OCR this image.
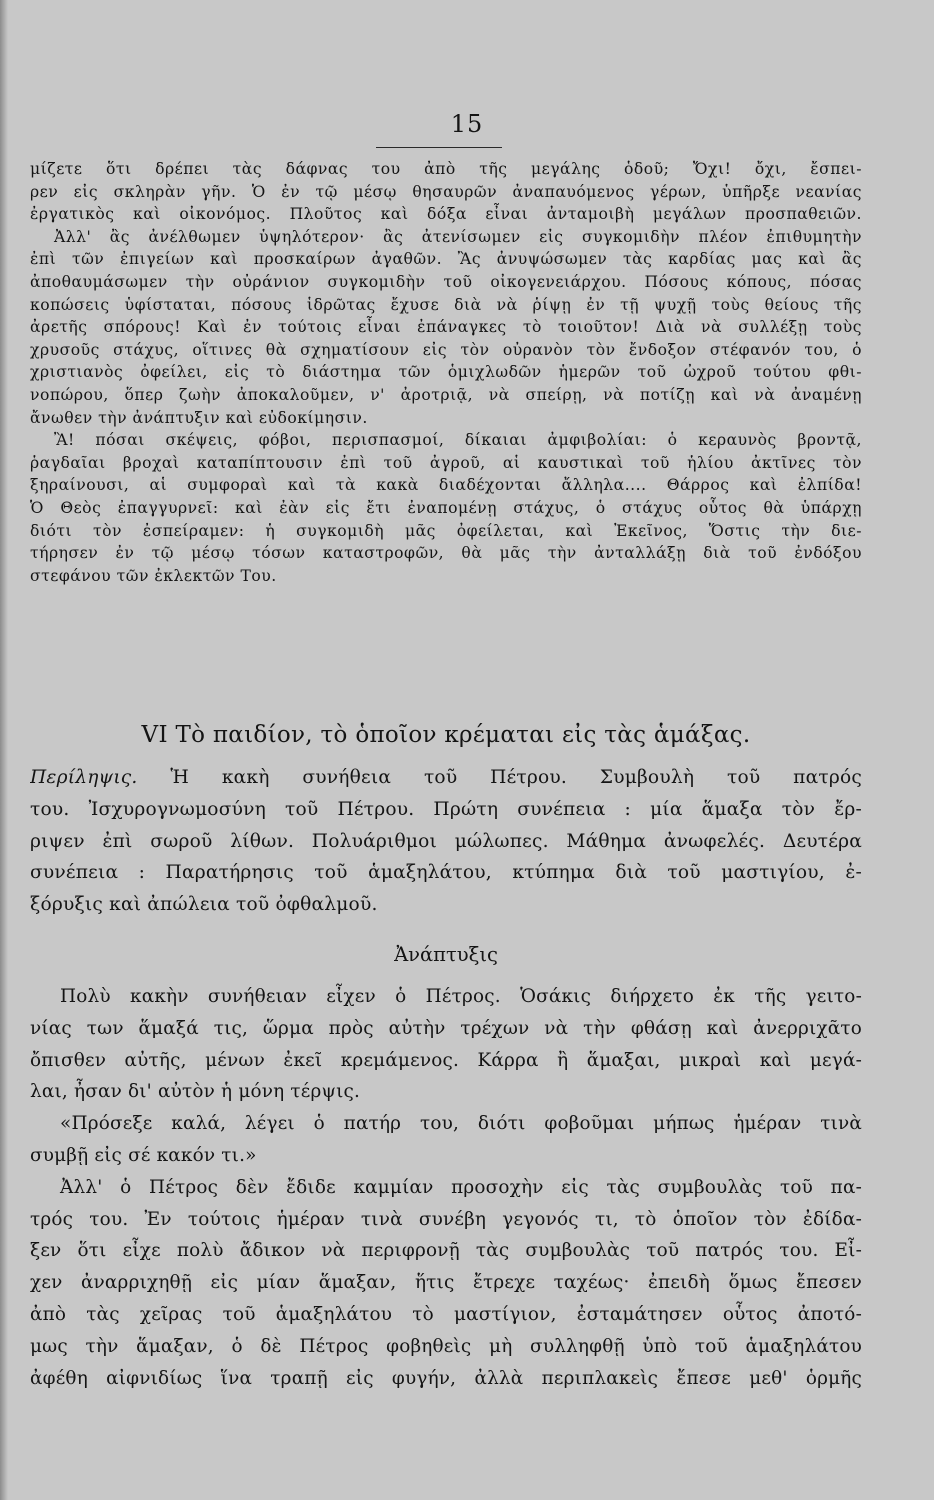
15
μίζετε ὅτι δρέπει τὰς δάφνας του ἀπὸ τῆς μεγάλης ὁδοῦ; Ὄχι! ὄχι, ἔσπει-
ρεν εἰς σκληρὰν γῆν. Ὁ ἐν τῷ μέσῳ θησαυρῶν ἀναπαυόμενος γέρων, ὑπῆρξε νεανίας
ἐργατικὸς καὶ οἰκονόμος. Πλοῦτος καὶ δόξα εἶναι ἀνταμοιβὴ μεγάλων προσπαθειῶν.
Ἀλλ' ἂς ἀνέλθωμεν ὑψηλότερον· ἂς ἀτενίσωμεν εἰς συγκομιδὴν πλέον ἐπιθυμητὴν
ἐπὶ τῶν ἐπιγείων καὶ προσκαίρων ἀγαθῶν. Ἂς ἀνυψώσωμεν τὰς καρδίας μας καὶ ἂς
ἀποθαυμάσωμεν τὴν οὐράνιον συγκομιδὴν τοῦ οἰκογενειάρχου. Πόσους κόπους, πόσας
κοπώσεις ὑφίσταται, πόσους ἱδρῶτας ἔχυσε διὰ νὰ ῥίψῃ ἐν τῇ ψυχῇ τοὺς θείους τῆς
ἀρετῆς σπόρους! Καὶ ἐν τούτοις εἶναι ἐπάναγκες τὸ τοιοῦτον! Διὰ νὰ συλλέξῃ τοὺς
χρυσοῦς στάχυς, οἵτινες θὰ σχηματίσουν εἰς τὸν οὐρανὸν τὸν ἔνδοξον στέφανόν του, ὁ
χριστιανὸς ὀφείλει, εἰς τὸ διάστημα τῶν ὁμιχλωδῶν ἡμερῶν τοῦ ὠχροῦ τούτου φθι-
νοπώρου, ὅπερ ζωὴν ἀποκαλοῦμεν, ν' ἀροτριᾷ, νὰ σπείρῃ, νὰ ποτίζῃ καὶ νὰ ἀναμένῃ
ἄνωθεν τὴν ἀνάπτυξιν καὶ εὐδοκίμησιν.
Ἂ! πόσαι σκέψεις, φόβοι, περισπασμοί, δίκαιαι ἀμφιβολίαι: ὁ κεραυνὸς βροντᾷ,
ῥαγδαῖαι βροχαὶ καταπίπτουσιν ἐπὶ τοῦ ἀγροῦ, αἱ καυστικαὶ τοῦ ἡλίου ἀκτῖνες τὸν
ξηραίνουσι, αἱ συμφοραὶ καὶ τὰ κακὰ διαδέχονται ἄλληλα.... Θάρρος καὶ ἐλπίδα!
Ὁ Θεὸς ἐπαγγυρνεῖ: καὶ ἐὰν εἰς ἔτι ἐναπομένῃ στάχυς, ὁ στάχυς οὗτος θὰ ὑπάρχῃ
διότι τὸν ἐσπείραμεν: ἡ συγκομιδὴ μᾶς ὀφείλεται, καὶ Ἐκεῖνος, Ὅστις τὴν διε-
τήρησεν ἐν τῷ μέσῳ τόσων καταστροφῶν, θὰ μᾶς τὴν ἀνταλλάξῃ διὰ τοῦ ἐνδόξου
στεφάνου τῶν ἐκλεκτῶν Του.
VI Τὸ παιδίον, τὸ ὁποῖον κρέμαται εἰς τὰς ἁμάξας.
Περίληψις. Ἡ κακὴ συνήθεια τοῦ Πέτρου. Συμβουλὴ τοῦ πατρός
του. Ἰσχυρογνωμοσύνη τοῦ Πέτρου. Πρώτη συνέπεια : μία ἅμαξα τὸν ἔρ-
ριψεν ἐπὶ σωροῦ λίθων. Πολυάριθμοι μώλωπες. Μάθημα ἀνωφελές. Δευτέρα
συνέπεια : Παρατήρησις τοῦ ἁμαξηλάτου, κτύπημα διὰ τοῦ μαστιγίου, ἐ-
ξόρυξις καὶ ἀπώλεια τοῦ ὀφθαλμοῦ.
Ἀνάπτυξις
Πολὺ κακὴν συνήθειαν εἶχεν ὁ Πέτρος. Ὁσάκις διήρχετο ἐκ τῆς γειτο-
νίας των ἅμαξά τις, ὥρμα πρὸς αὐτὴν τρέχων νὰ τὴν φθάσῃ καὶ ἀνερριχᾶτο
ὄπισθεν αὐτῆς, μένων ἐκεῖ κρεμάμενος. Κάρρα ἢ ἅμαξαι, μικραὶ καὶ μεγά-
λαι, ἦσαν δι' αὐτὸν ἡ μόνη τέρψις.
«Πρόσεξε καλά, λέγει ὁ πατήρ του, διότι φοβοῦμαι μήπως ἡμέραν τινὰ
συμβῇ εἰς σέ κακόν τι.»
Ἀλλ' ὁ Πέτρος δὲν ἔδιδε καμμίαν προσοχὴν εἰς τὰς συμβουλὰς τοῦ πα-
τρός του. Ἐν τούτοις ἡμέραν τινὰ συνέβη γεγονός τι, τὸ ὁποῖον τὸν ἐδίδα-
ξεν ὅτι εἶχε πολὺ ἄδικον νὰ περιφρονῇ τὰς συμβουλὰς τοῦ πατρός του. Εἶ-
χεν ἀναρριχηθῇ εἰς μίαν ἅμαξαν, ἥτις ἔτρεχε ταχέως· ἐπειδὴ ὅμως ἔπεσεν
ἀπὸ τὰς χεῖρας τοῦ ἁμαξηλάτου τὸ μαστίγιον, ἐσταμάτησεν οὗτος ἀποτό-
μως τὴν ἅμαξαν, ὁ δὲ Πέτρος φοβηθεὶς μὴ συλληφθῇ ὑπὸ τοῦ ἁμαξηλάτου
ἀφέθη αἰφνιδίως ἵνα τραπῇ εἰς φυγήν, ἀλλὰ περιπλακεὶς ἔπεσε μεθ' ὁρμῆς
